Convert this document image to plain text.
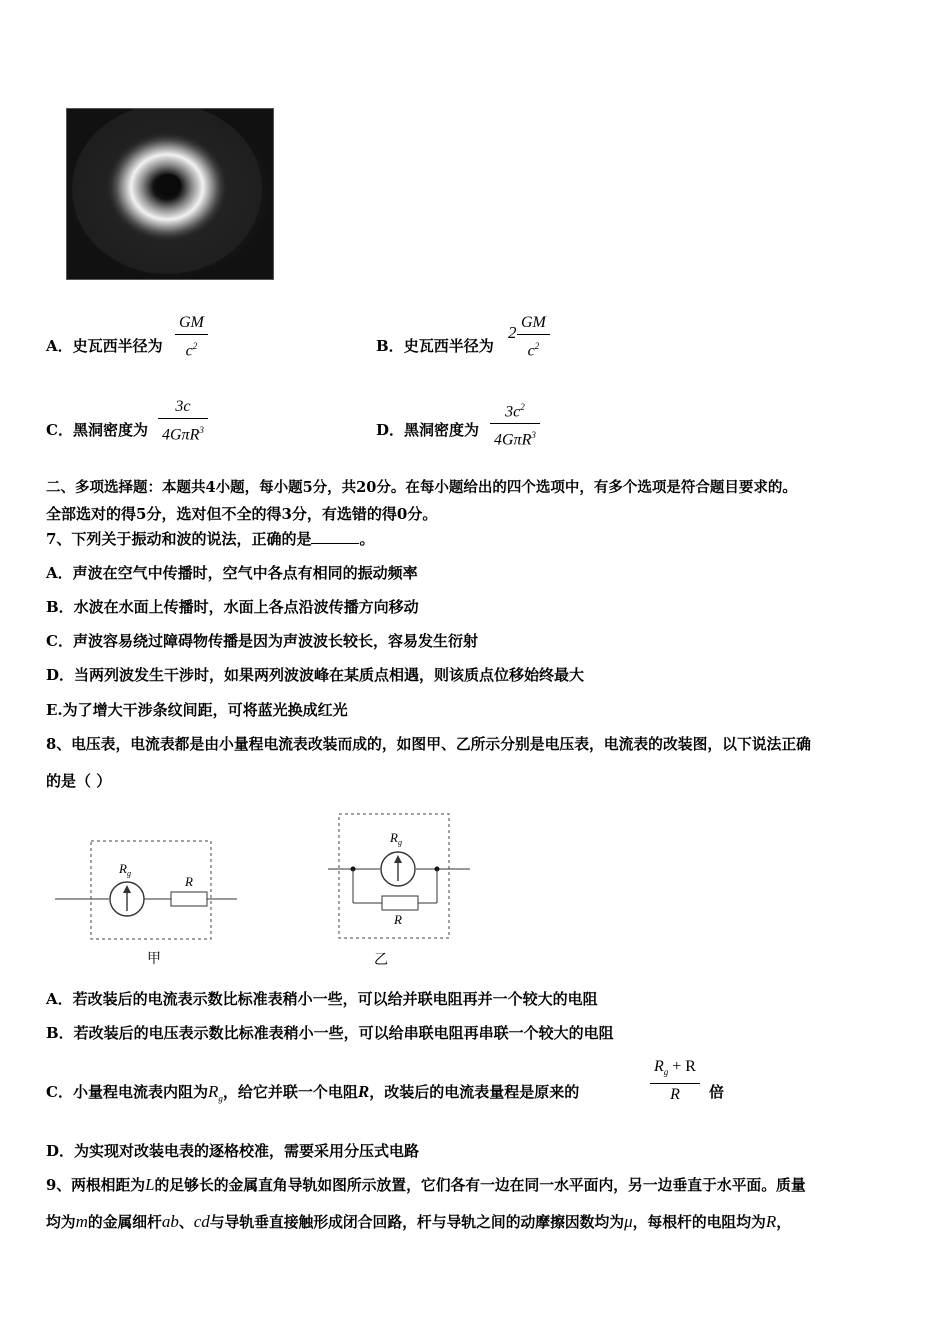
A．史瓦西半径为 $\frac{GM}{c^2}$	B．史瓦西半径为
$2 \frac{GM}{c^2}$
C．黑洞密度为
3c
4GπR$^3$	D．黑洞密度为
$3c^2$
4GπR$^3$
二、多项选择题：本题共4小题，每小题5分，共20分。在每小题给出的四个选项中，有多个选项是符合题目要求的。
全部选对的得5分，选对但不全的得3分，有选错的得0分。
7、下列关于振动和波的说法，正确的是	。
A．声波在空气中传播时，空气中各点有相同的振动频率
B．水波在水面上传播时，水面上各点沿波传播方向移动
C．声波容易绕过障碍物传播是因为声波波长较长，容易发生衍射
D．当两列波发生干涉时，如果两列波波峰在某质点相遇，则该质点位移始终最大
E.为了增大干涉条纹间距，可将蓝光换成红光
8、电压表，电流表都是由小量程电流表改装而成的，如图甲、乙所示分别是电压表，电流表的改装图，以下说法正确
的是（ ）
$R_g$
R
甲
$R_g$
R
乙
A．若改装后的电流表示数比标准表稍小一些，可以给并联电阻再并一个较大的电阻
B．若改装后的电压表示数比标准表稍小一些，可以给串联电阻再串联一个较大的电阻
C．小量程电流表内阻为$R_g$，给它并联一个电阻R，改装后的电流表量程是原来的	$\frac{R_g + R}{R}$ 倍
D．为实现对改装电表的逐格校准，需要采用分压式电路
9、两根相距为L的足够长的金属直角导轨如图所示放置，它们各有一边在同一水平面内，另一边垂直于水平面。质量
均为m的金属细杆ab、cd与导轨垂直接触形成闭合回路，杆与导轨之间的动摩擦因数均为μ，每根杆的电阻均为R，
